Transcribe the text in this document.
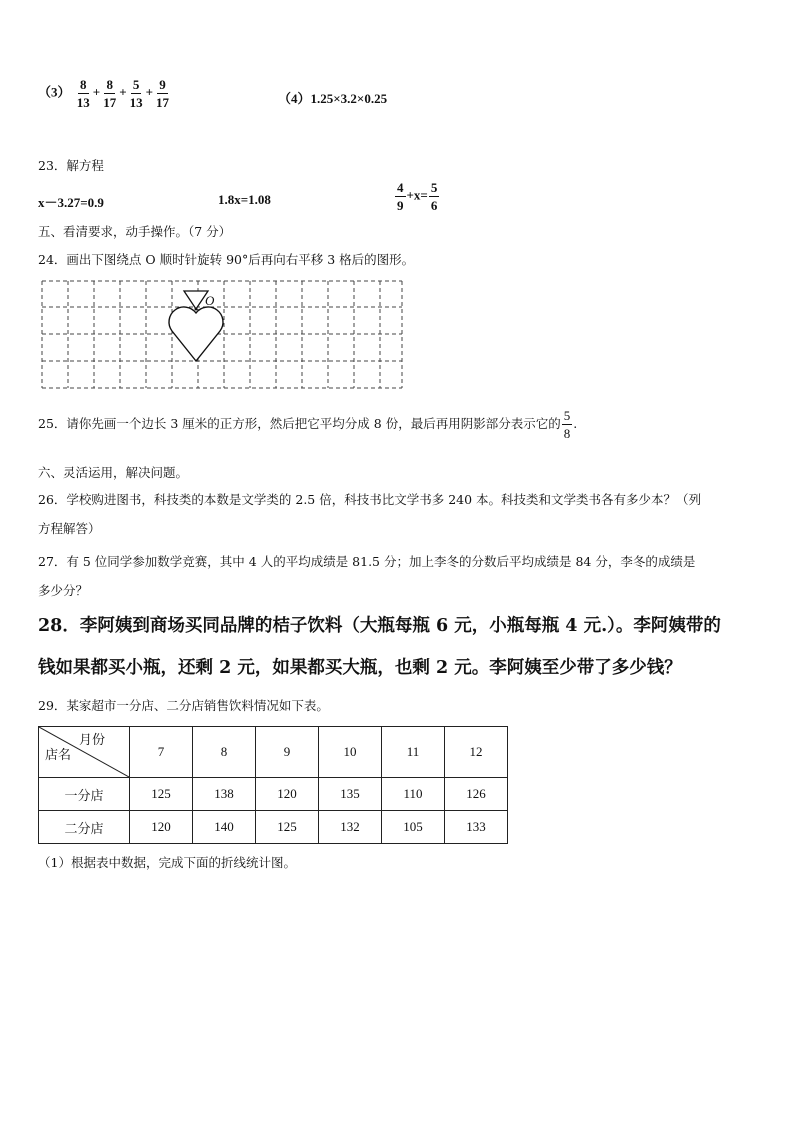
$(3) \frac{8}{13} + \frac{8}{17} + \frac{5}{13} + \frac{9}{17}$	（4）1.25×3.2×0.25
23．解方程
x－3.27=0.9	1.8x=1.08	$\frac{4}{9} +x= \frac{5}{6}$
五、看清要求，动手操作。（7 分）
24．画出下图绕点 O 顺时针旋转 90°后再向右平移 3 格后的图形。
O
25．请你先画一个边长 3 厘米的正方形，然后把它平均分成 8 份，最后再用阴影部分表示它的 $\frac{5}{8}$ .
六、灵活运用，解决问题。
26．学校购进图书，科技类的本数是文学类的 2.5 倍，科技书比文学书多 240 本。科技类和文学类书各有多少本？（列
方程解答）
27．有 5 位同学参加数学竞赛，其中 4 人的平均成绩是 81.5 分；加上李冬的分数后平均成绩是 84 分，李冬的成绩是
多少分？
28．李阿姨到商场买同品牌的桔子饮料（大瓶每瓶 6 元，小瓶每瓶 4 元.）。李阿姨带的
钱如果都买小瓶，还剩 2 元，如果都买大瓶，也剩 2 元。李阿姨至少带了多少钱？
29．某家超市一分店、二分店销售饮料情况如下表。
月份
店名	7	8	9	10	11	12
一分店	125	138	120	135	110	126
二分店	120	140	125	132	105	133
（1）根据表中数据，完成下面的折线统计图。
